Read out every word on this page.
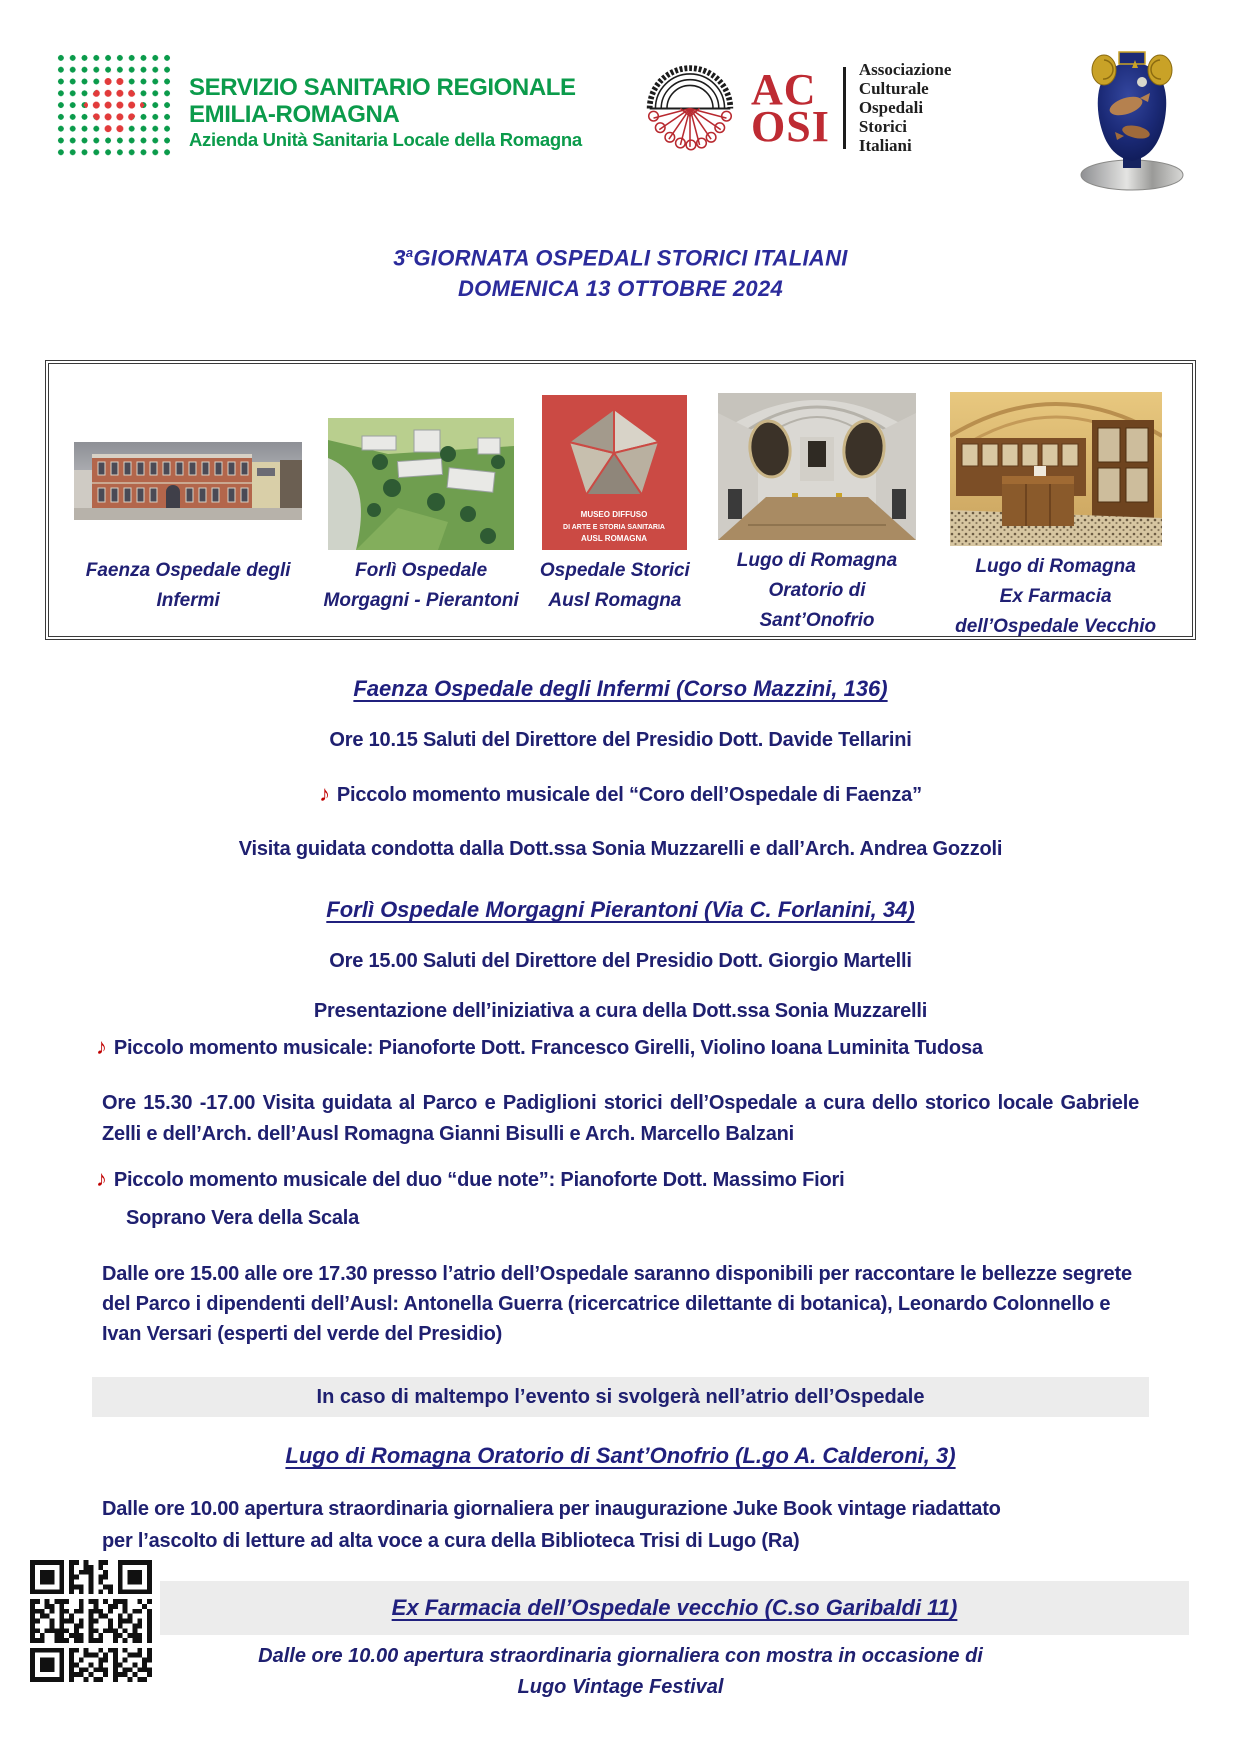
SERVIZIO SANITARIO REGIONALE
EMILIA-ROMAGNA
Azienda Unità Sanitaria Locale della Romagna
AC
OSI
Associazione
Culturale
Ospedali
Storici
Italiani
3$^a$GIORNATA OSPEDALI STORICI ITALIANI
DOMENICA 13 OTTOBRE 2024
Faenza Ospedale degli
Infermi
Forlì Ospedale
Morgagni - Pierantoni
MUSEO DIFFUSO
DI ARTE E STORIA SANITARIA
AUSL ROMAGNA
Ospedale Storici
Ausl Romagna
Lugo di Romagna
Oratorio di
Sant’Onofrio
Lugo di Romagna
Ex Farmacia
dell’Ospedale Vecchio
Faenza Ospedale degli Infermi (Corso Mazzini, 136)

Ore 10.15 Saluti del Direttore del Presidio Dott. Davide Tellarini

♪ Piccolo momento musicale del “Coro dell’Ospedale di Faenza”

Visita guidata condotta dalla Dott.ssa Sonia Muzzarelli e dall’Arch. Andrea Gozzoli

Forlì Ospedale Morgagni Pierantoni (Via C. Forlanini, 34)

Ore 15.00 Saluti del Direttore del Presidio Dott. Giorgio Martelli

Presentazione dell’iniziativa a cura della Dott.ssa Sonia Muzzarelli

♪ Piccolo momento musicale: Pianoforte Dott. Francesco Girelli, Violino Ioana Luminita Tudosa

Ore 15.30 -17.00 Visita guidata al Parco e Padiglioni storici dell’Ospedale a cura dello storico locale Gabriele Zelli e dell’Arch. dell’Ausl Romagna Gianni Bisulli e Arch. Marcello Balzani

♪ Piccolo momento musicale del duo “due note”: Pianoforte Dott. Massimo Fiori

Soprano Vera della Scala

Dalle ore 15.00 alle ore 17.30 presso l’atrio dell’Ospedale saranno disponibili per raccontare le bellezze segrete del Parco i dipendenti dell’Ausl: Antonella Guerra (ricercatrice dilettante di botanica), Leonardo Colonnello e Ivan Versari (esperti del verde del Presidio)

In caso di maltempo l’evento si svolgerà nell’atrio dell’Ospedale

Lugo di Romagna Oratorio di Sant’Onofrio (L.go A. Calderoni, 3)

Dalle ore 10.00 apertura straordinaria giornaliera per inaugurazione Juke Book vintage riadattato per l’ascolto di letture ad alta voce a cura della Biblioteca Trisi di Lugo (Ra)

Ex Farmacia dell’Ospedale vecchio (C.so Garibaldi 11)

Dalle ore 10.00 apertura straordinaria giornaliera con mostra in occasione di
Lugo Vintage Festival
